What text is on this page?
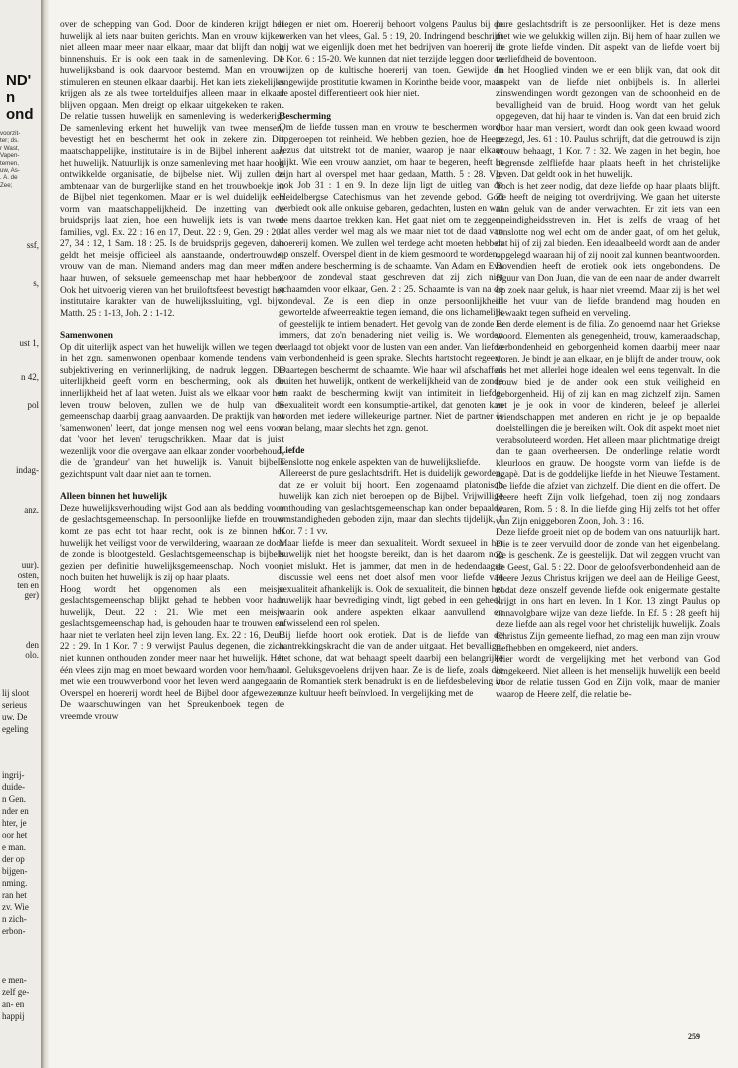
ND'
n
ond
voorzit-
ter; ds.
r Wast,
Vapen-
temen,
uw, As-
. A. de
Zee;
ssf,
s,
ust 1,
n 42,
pol
indag-
anz.
uur).
osten,
ten en
ger)
den
olo.
lij sloot
serieus
uw. De
egeling
ingrij-
duide-
n Gen.
nder en
hter, je
oor het
e man.
der op
bijgen-
nming.
ran het
zv. Wie
n zich-
erbon-
e men-
zelf ge-
an- en
happij

over de schepping van God. Door de kinderen krijgt het huwelijk al iets naar buiten gerichts. Man en vrouw kijken niet alleen maar meer naar elkaar, maar dat blijft dan nog binnenshuis. Er is ook een taak in de samenleving. De huwelijksband is ook daarvoor bestemd. Man en vrouw stimuleren en steunen elkaar daarbij. Het kan iets ziekelijks krijgen als ze als twee tortelduifjes alleen maar in elkaar blijven opgaan. Men dreigt op elkaar uitgekeken te raken. De relatie tussen huwelijk en samenleving is wederkerig. De samenleving erkent het huwelijk van twee mensen, bevestigt het en beschermt het ook in zekere zin. Dit maatschappelijke, institutaire is in de Bijbel inherent aan het huwelijk. Natuurlijk is onze samenleving met haar hoog ontwikkelde organisatie, de bijbelse niet. Wij zullen de ambtenaar van de burgerlijke stand en het trouwboekje in de Bijbel niet tegenkomen. Maar er is wel duidelijk een vorm van maatschappelijkheid. De inzetting van de bruidsprijs laat zien, hoe een huwelijk iets is van twee families, vgl. Ex. 22 : 16 en 17, Deut. 22 : 9, Gen. 29 : 20-27, 34 : 12, 1 Sam. 18 : 25. Is de bruidsprijs gegeven, dan geldt het meisje officieel als aanstaande, ondertrouwde, vrouw van de man. Niemand anders mag dan meer met haar huwen, of seksuele gemeenschap met haar hebben. Ook het uitvoerig vieren van het bruiloftsfeest bevestigt het institutaire karakter van de huwelijkssluiting, vgl. bijv. Matth. 25 : 1-13, Joh. 2 : 1-12.

Samenwonen

Op dit uiterlijk aspect van het huwelijk willen we tegen de in het zgn. samenwonen openbaar komende tendens van subjektivering en verinnerlijking, de nadruk leggen. De uiterlijkheid geeft vorm en bescherming, ook als de innerlijkheid het af laat weten. Juist als we elkaar voor het leven trouw beloven, zullen we de hulp van de gemeenschap daarbij graag aanvaarden. De praktijk van het 'samenwonen' leert, dat jonge mensen nog wel eens voor dat 'voor het leven' terugschrikken. Maar dat is juist wezenlijk voor die overgave aan elkaar zonder voorbehoud, die de 'grandeur' van het huwelijk is. Vanuit bijbels gezichtspunt valt daar niet aan te tornen.

Alleen binnen het huwelijk

Deze huwelijksverhouding wijst God aan als bedding voor de geslachtsgemeenschap. In persoonlijke liefde en trouw komt ze pas echt tot haar recht, ook is ze binnen het huwelijk het veiligst voor de verwildering, waaraan ze door de zonde is blootgesteld. Geslachtsgemeenschap is bijbels gezien per definitie huwelijksgemeenschap. Noch voor, noch buiten het huwelijk is zij op haar plaats.

Hoog wordt het opgenomen als een meisje geslachtsgemeenschap blijkt gehad te hebben voor haar huwelijk, Deut. 22 : 21. Wie met een meisje geslachtsgemeenschap had, is gehouden haar te trouwen en haar niet te verlaten heel zijn leven lang. Ex. 22 : 16, Deut. 22 : 29. In 1 Kor. 7 : 9 verwijst Paulus degenen, die zich niet kunnen onthouden zonder meer naar het huwelijk. Het één vlees zijn mag en moet bewaard worden voor hem/haar met wie een trouwverbond voor het leven werd aangegaan. Overspel en hoererij wordt heel de Bijbel door afgewezen. De waarschuwingen van het Spreukenboek tegen de vreemde vrouw

liegen er niet om. Hoererij behoort volgens Paulus bij de werken van het vlees, Gal. 5 : 19, 20. Indringend beschrijft hij wat we eigenlijk doen met het bedrijven van hoererij in 1 Kor. 6 : 15-20. We kunnen dat niet terzijde leggen door te wijzen op de kultische hoererij van toen. Gewijde en ongewijde prostitutie kwamen in Korinthe beide voor, maar de apostel differentieert ook hier niet.

Bescherming

Om de liefde tussen man en vrouw te beschermen wordt opgeroepen tot reinheid. We hebben gezien, hoe de Heere Jezus dat uitstrekt tot de manier, waarop je naar elkaar kijkt. Wie een vrouw aanziet, om haar te begeren, heeft in zijn hart al overspel met haar gedaan, Matth. 5 : 28. Vg. ook Job 31 : 1 en 9. In deze lijn ligt de uitleg van de Heidelbergse Catechismus van het zevende gebod. God verbiedt ook alle onkuise gebaren, gedachten, lusten en wat de mens daartoe trekken kan. Het gaat niet om te zeggen, dat alles verder wel mag als we maar niet tot de daad van hoererij komen. We zullen wel terdege acht moeten hebben op onszelf. Overspel dient in de kiem gesmoord te worden.

Een andere bescherming is de schaamte. Van Adam en Eva voor de zondeval staat geschreven dat zij zich niet schaamden voor elkaar, Gen. 2 : 25. Schaamte is van na de zondeval. Ze is een diep in onze persoonlijkheid gewortelde afweerreaktie tegen iemand, die ons lichamelijk of geestelijk te intiem benadert. Het gevolg van de zonde is immers, dat zo'n benadering niet veilig is. We worden verlaagd tot objekt voor de lusten van een ander. Van liefde in verbondenheid is geen sprake. Slechts hartstocht regeert. Daartegen beschermt de schaamte. Wie haar wil afschaffen buiten het huwelijk, ontkent de werkelijkheid van de zonde en raakt de bescherming kwijt van intimiteit in liefde. Sexualiteit wordt een konsumptie-artikel, dat genoten kan worden met iedere willekeurige partner. Niet de partner is van belang, maar slechts het zgn. genot.

Liefde

Tenslotte nog enkele aspekten van de huwelijksliefde.

Allereerst de pure geslachtsdrift. Het is duidelijk geworden, dat ze er voluit bij hoort. Een zogenaamd platonisch huwelijk kan zich niet beroepen op de Bijbel. Vrijwillige onthouding van geslachtsgemeenschap kan onder bepaalde omstandigheden geboden zijn, maar dan slechts tijdelijk, 1 Kor. 7 : 1 vv.

Maar liefde is meer dan sexualiteit. Wordt sexueel in het huwelijk niet het hoogste bereikt, dan is het daarom nog niet mislukt. Het is jammer, dat men in de hedendaagse discussie wel eens net doet alsof men voor liefde van sexualiteit afhankelijk is. Ook de sexualiteit, die binnen het huwelijk haar bevrediging vindt, ligt gebed in een geheel, waarin ook andere aspekten elkaar aanvullend en afwisselend een rol spelen.

Bij liefde hoort ook erotiek. Dat is de liefde van de aantrekkingskracht die van de ander uitgaat. Het bevallige, het schone, dat wat behaagt speelt daarbij een belangrijke rol. Geluksgevoelens drijven haar. Ze is de liefe, zoals die in de Romantiek sterk benadrukt is en de liefdesbeleving in onze kultuur heeft beïnvloed. In vergelijking met de

pure geslachtsdrift is ze persoonlijker. Het is deze mens met wie we gelukkig willen zijn. Bij hem of haar zullen we de grote liefde vinden. Dit aspekt van de liefde voert bij verliefdheid de boventoon.

In het Hooglied vinden we er een blijk van, dat ook dit aspekt van de liefde niet onbijbels is. In allerlei zinswendingen wordt gezongen van de schoonheid en de bevalligheid van de bruid. Hoog wordt van het geluk opgegeven, dat hij haar te vinden is. Van dat een bruid zich voor haar man versiert, wordt dan ook geen kwaad woord gezegd, Jes. 61 : 10. Paulus schrijft, dat die getrouwd is zijn vrouw behaagt, 1 Kor. 7 : 32. We zagen in het begin, hoe begrensde zelfliefde haar plaats heeft in het christelijke leven. Dat geldt ook in het huwelijk.

Toch is het zeer nodig, dat deze liefde op haar plaats blijft. Ze heeft de neiging tot overdrijving. We gaan het uiterste aan geluk van de ander verwachten. Er zit iets van een oneindigheidsstreven in. Het is zelfs de vraag of het tenslotte nog wel echt om de ander gaat, of om het geluk, dat hij of zij zal bieden. Een ideaalbeeld wordt aan de ander opgelegd waaraan hij of zij nooit zal kunnen beantwoorden. Bovendien heeft de erotiek ook iets ongebondens. De figuur van Don Juan, die van de een naar de ander dwarrelt op zoek naar geluk, is haar niet vreemd. Maar zij is het wel die het vuur van de liefde brandend mag houden en bewaakt tegen sufheid en verveling.

Een derde element is de filia. Zo genoemd naar het Griekse woord. Elementen als genegenheid, trouw, kameraadschap, verbondenheid en geborgenheid komen daarbij meer naar voren. Je bindt je aan elkaar, en je blijft de ander trouw, ook als het met allerlei hoge idealen wel eens tegenvalt. In die trouw bied je de ander ook een stuk veiligheid en geborgenheid. Hij of zij kan en mag zichzelf zijn. Samen zet je je ook in voor de kinderen, beleef je allerlei vriendschappen met anderen en richt je je op bepaalde doelstellingen die je bereiken wilt. Ook dit aspekt moet niet verabsoluteerd worden. Het alleen maar plichtmatige dreigt dan te gaan overheersen. De onderlinge relatie wordt kleurloos en grauw. De hoogste vorm van liefde is de agapè. Dat is de goddelijke liefde in het Nieuwe Testament. De liefde die afziet van zichzelf. Die dient en die offert. De Heere heeft Zijn volk liefgehad, toen zij nog zondaars waren, Rom. 5 : 8. In die liefde ging Hij zelfs tot het offer van Zijn eniggeboren Zoon, Joh. 3 : 16.

Deze liefde groeit niet op de bodem van ons natuurlijk hart. Die is te zeer vervuild door de zonde van het eigenbelang. Ze is geschenk. Ze is geestelijk. Dat wil zeggen vrucht van de Geest, Gal. 5 : 22. Door de geloofsverbondenheid aan de Heere Jezus Christus krijgen we deel aan de Heilige Geest, zodat deze onszelf gevende liefde ook enigermate gestalte krijgt in ons hart en leven. In 1 Kor. 13 zingt Paulus op onnavolgbare wijze van deze liefde. In Ef. 5 : 28 geeft hij deze liefde aan als regel voor het christelijk huwelijk. Zoals Christus Zijn gemeente liefhad, zo mag een man zijn vrouw liefhebben en omgekeerd, niet anders.

Hier wordt de vergelijking met het verbond van God omgekeerd. Niet alleen is het menselijk huwelijk een beeld voor de relatie tussen God en Zijn volk, maar de manier waarop de Heere zelf, die relatie be-

259
